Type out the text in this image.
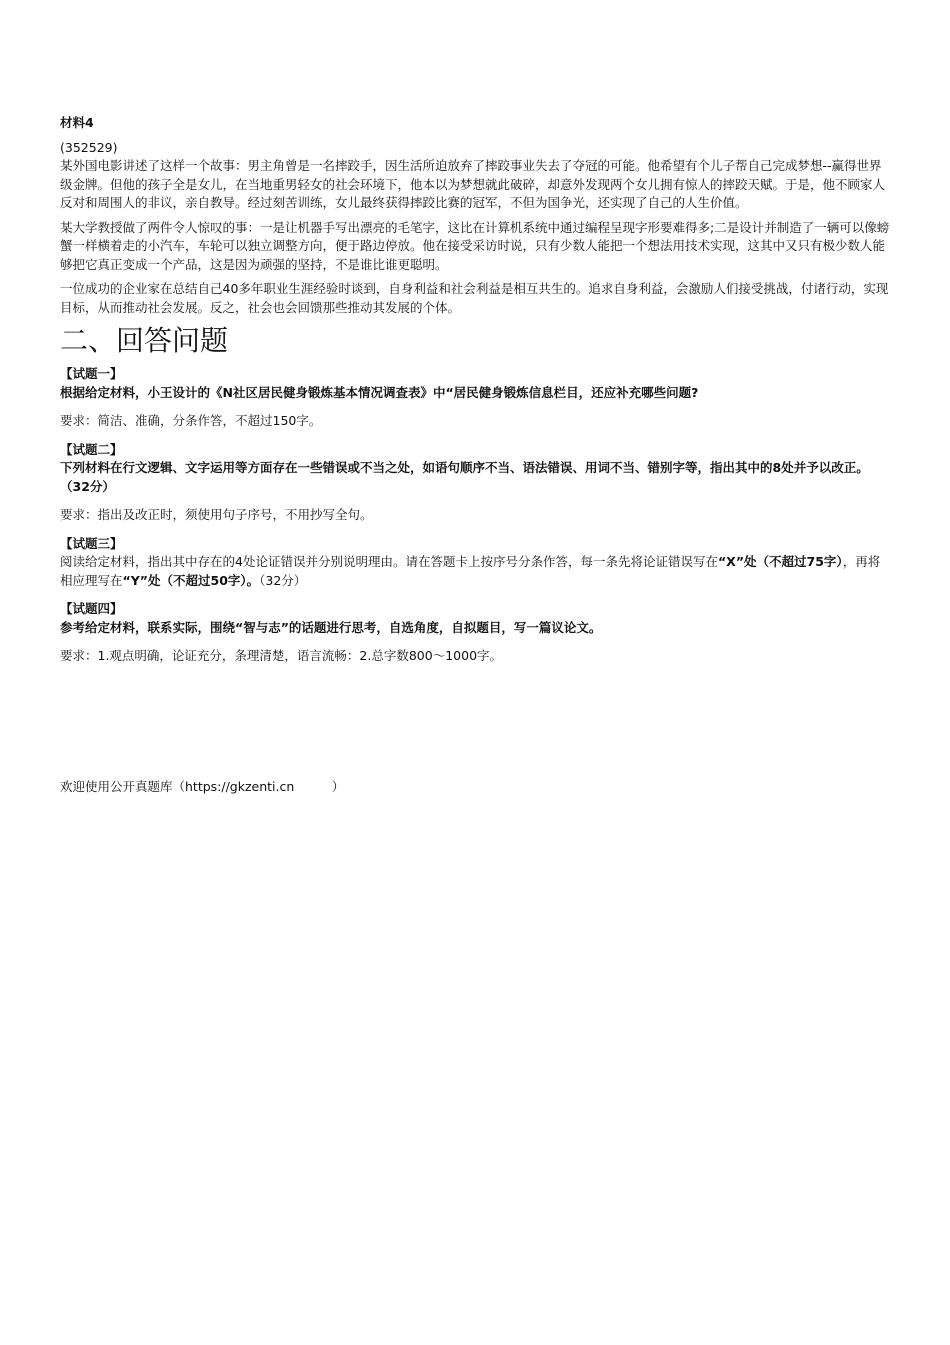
材料4

(352529)

某外国电影讲述了这样一个故事：男主角曾是一名摔跤手，因生活所迫放弃了摔跤事业失去了夺冠的可能。他希望有个儿子帮自己完成梦想--赢得世界级金牌。但他的孩子全是女儿，在当地重男轻女的社会环境下，他本以为梦想就此破碎，却意外发现两个女儿拥有惊人的摔跤天赋。于是，他不顾家人反对和周围人的非议，亲自教导。经过刻苦训练，女儿最终获得摔跤比赛的冠军，不但为国争光，还实现了自己的人生价值。

某大学教授做了两件令人惊叹的事：一是让机器手写出漂亮的毛笔字，这比在计算机系统中通过编程呈现字形要难得多;二是设计并制造了一辆可以像螃蟹一样横着走的小汽车，车轮可以独立调整方向，便于路边停放。他在接受采访时说，只有少数人能把一个想法用技术实现，这其中又只有极少数人能够把它真正变成一个产品，这是因为顽强的坚持，不是谁比谁更聪明。

一位成功的企业家在总结自己40多年职业生涯经验时谈到，自身利益和社会利益是相互共生的。追求自身利益，会激励人们接受挑战，付诸行动，实现目标，从而推动社会发展。反之，社会也会回馈那些推动其发展的个体。

二、回答问题

【试题一】

根据给定材料，小王设计的《N社区居民健身锻炼基本情况调查表》中“居民健身锻炼信息栏目，还应补充哪些问题?

要求：简洁、准确，分条作答，不超过150字。

【试题二】

下列材料在行文逻辑、文字运用等方面存在一些错误或不当之处，如语句顺序不当、语法错误、用词不当、错别字等，指出其中的8处并予以改正。（32分）

要求：指出及改正时，须使用句子序号，不用抄写全句。

【试题三】

阅读给定材料，指出其中存在的4处论证错误并分别说明理由。请在答题卡上按序号分条作答，每一条先将论证错误写在“X”处（不超过75字），再将相应理写在“Y”处（不超过50字）。（32分）

【试题四】

参考给定材料，联系实际，围绕“智与志”的话题进行思考，自选角度，自拟题目，写一篇议论文。

要求：1.观点明确，论证充分，条理清楚，语言流畅：2.总字数800～1000字。

欢迎使用公开真题库（https://gkzenti.cn　　　）
